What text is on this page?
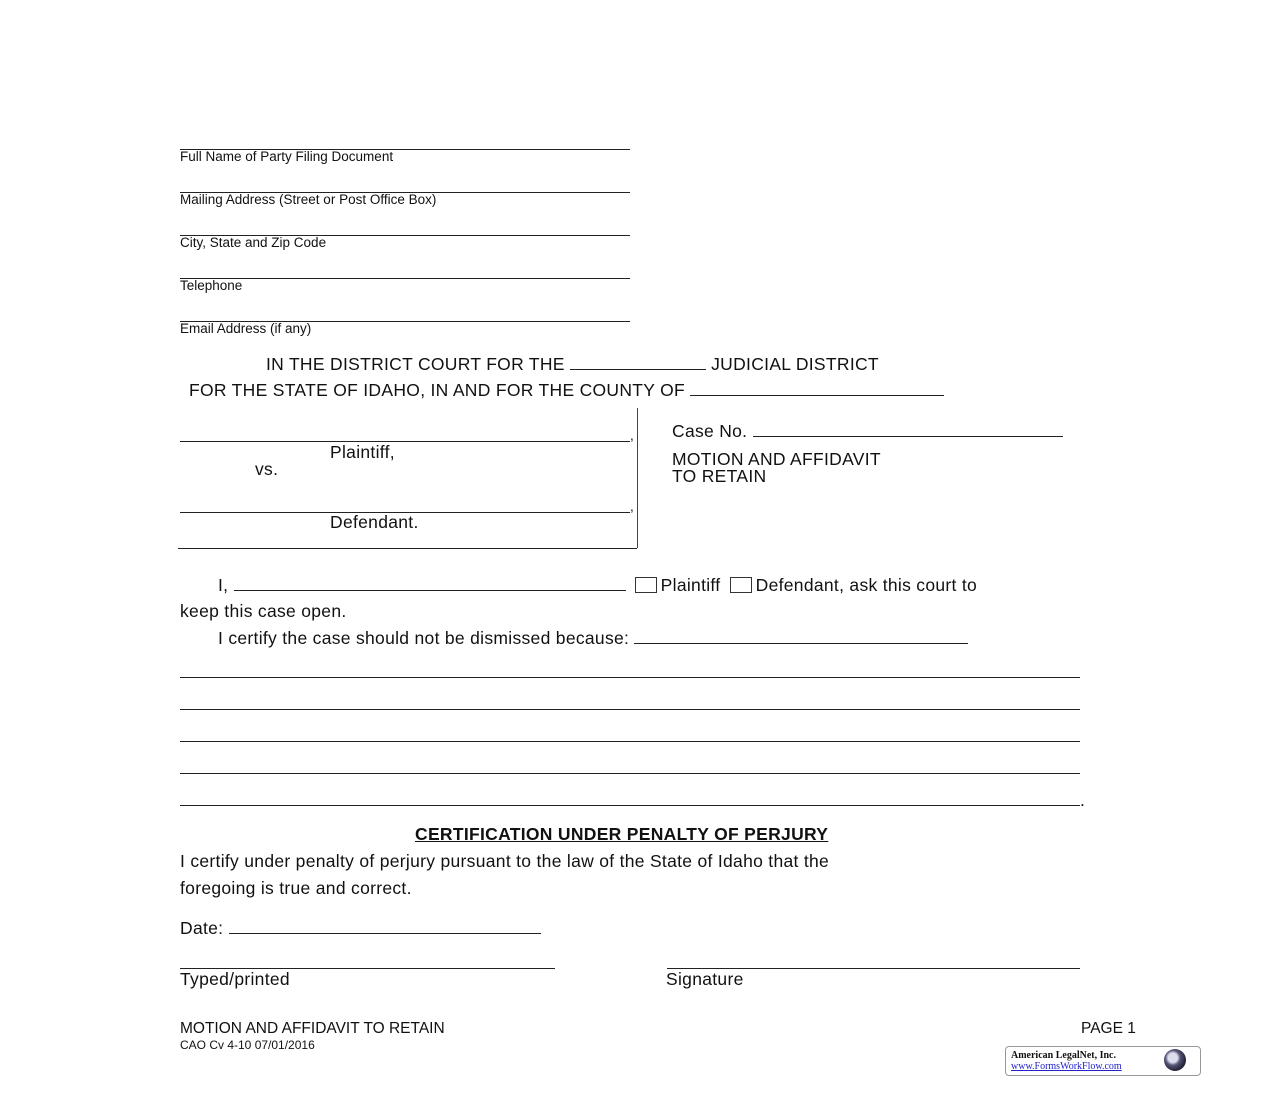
Full Name of Party Filing Document
Mailing Address (Street or Post Office Box)
City, State and Zip Code
Telephone
Email Address (if any)
IN THE DISTRICT COURT FOR THE	JUDICIAL DISTRICT
FOR THE STATE OF IDAHO, IN AND FOR THE COUNTY OF
,
Plaintiff,
vs.
,
Defendant.
Case No.
MOTION AND AFFIDAVIT
TO RETAIN
I,	Plaintiff Defendant, ask this court to
keep this case open.
I certify the case should not be dismissed because:
.
CERTIFICATION UNDER PENALTY OF PERJURY
I certify under penalty of perjury pursuant to the law of the State of Idaho that the
foregoing is true and correct.
Date:
Typed/printed	Signature
MOTION AND AFFIDAVIT TO RETAIN
CAO Cv 4-10 07/01/2016
PAGE 1
American LegalNet, Inc.
www.FormsWorkFlow.com
